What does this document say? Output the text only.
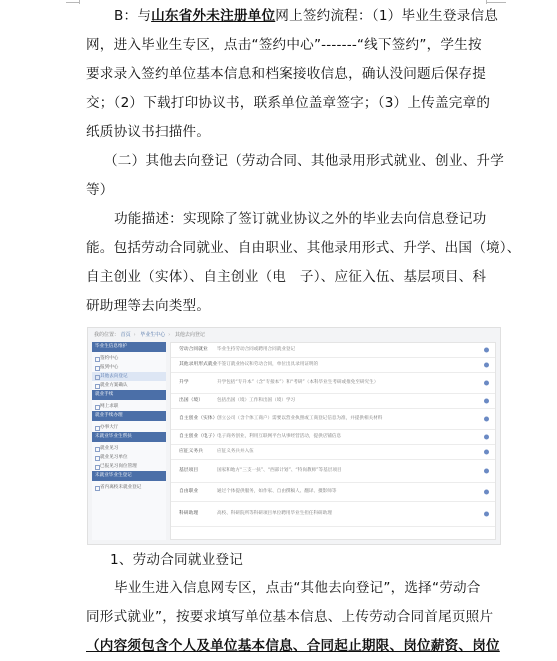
B：与山东省外未注册单位网上签约流程：（1）毕业生登录信息
网，进入毕业生专区，点击“签约中心”-------“线下签约”，学生按
要求录入签约单位基本信息和档案接收信息，确认没问题后保存提
交；（2）下载打印协议书，联系单位盖章签字；（3）上传盖完章的
纸质协议书扫描件。
（二）其他去向登记（劳动合同、其他录用形式就业、创业、升学
等）
功能描述：实现除了签订就业协议之外的毕业去向信息登记功
能。包括劳动合同就业、自由职业、其他录用形式、升学、出国（境）、
自主创业（实体）、自主创业（电　子）、应征入伍、基层项目、科
研助理等去向类型。
我的位置： 首页 › 毕业生中心 › 其他去向登记
毕业生信息维护
签约中心
报到中心
其他去向登记
就业方案确认
就业手续
网上求职
就业手续办理
办事大厅
未就业毕业生帮扶
就业见习
就业见习单位
已报见习岗位管理
未就业毕业生登记
省内离校未就业登记
劳动合同就业 毕业生持劳动合同或聘用合同就业登记
其他录用形式就业 不签订就业协议和劳动合同，单位出具录用证明的
升学	升学包括“专升本”（含“专接本”）和“考研”（本科毕业生考研或推免至研究生）
出国（境）	包括出国（境）工作和出国（境）学习
自主创业（实体） 创立公司（含个体工商户）需要以营业执照或工商登记信息为准，并提供相关材料
自主创业（电子） 电子商务创业，利用互联网平台从事经营活动，提供店铺信息
应征义务兵	应征义务兵并入伍
基层项目	国家和地方“三支一扶”、“西部计划”、“特岗教师”等基层项目
自由职业	通过个体提供服务，如作家、自由撰稿人、翻译、摄影师等
科研助理	高校、科研院所等科研项目单位聘用毕业生担任科研助理
1、劳动合同就业登记
毕业生进入信息网专区，点击“其他去向登记”，选择“劳动合
同形式就业”，按要求填写单位基本信息、上传劳动合同首尾页照片
（内容须包含个人及单位基本信息、合同起止期限、岗位薪资、岗位
